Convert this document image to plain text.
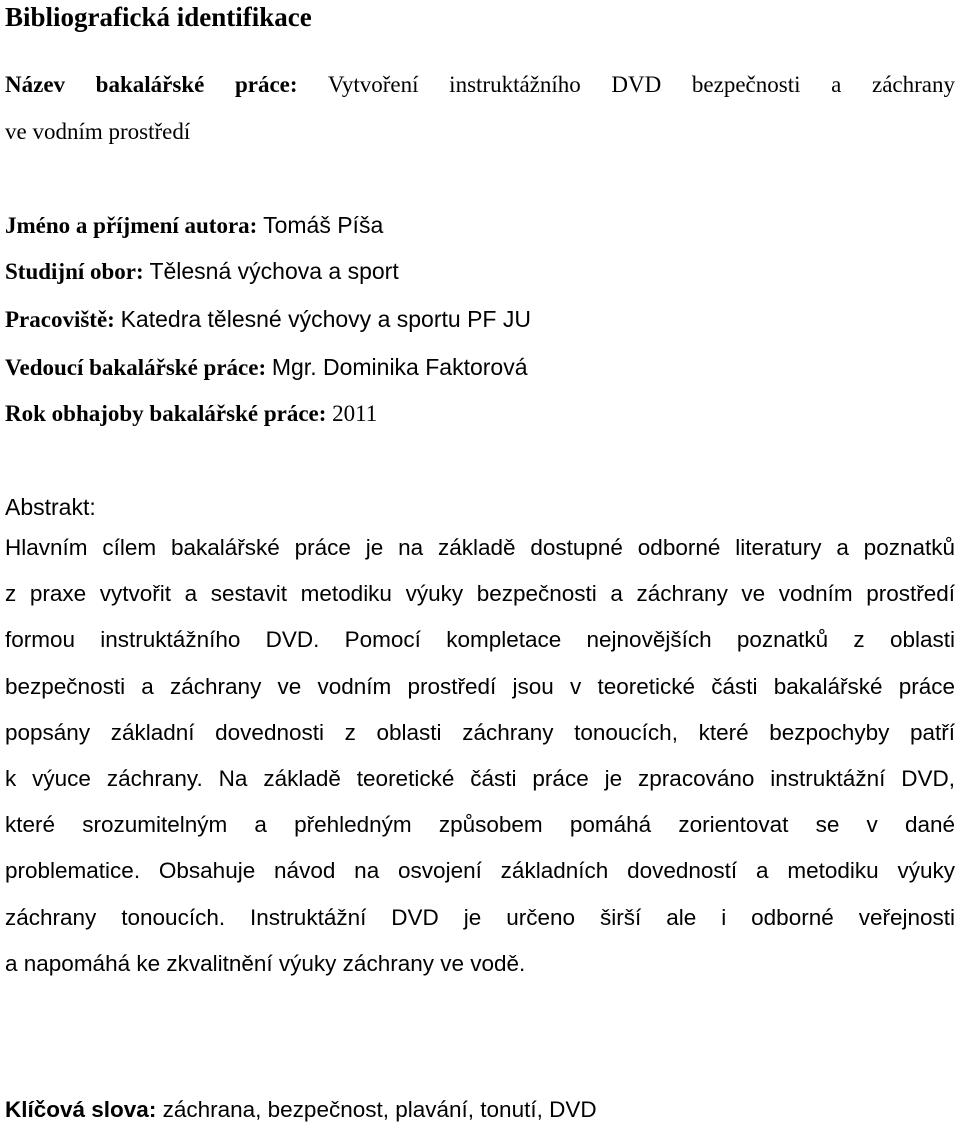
Bibliografická identifikace

Název bakalářské práce: Vytvoření instruktážního DVD bezpečnosti a záchrany

ve vodním prostředí

Jméno a příjmení autora: Tomáš Píša

Studijní obor: Tělesná výchova a sport

Pracoviště: Katedra tělesné výchovy a sportu PF JU

Vedoucí bakalářské práce: Mgr. Dominika Faktorová

Rok obhajoby bakalářské práce: 2011

Abstrakt:
Hlavním cílem bakalářské práce je na základě dostupné odborné literatury a poznatků
z praxe vytvořit a sestavit metodiku výuky bezpečnosti a záchrany ve vodním prostředí
formou instruktážního DVD. Pomocí kompletace nejnovějších poznatků z oblasti
bezpečnosti a záchrany ve vodním prostředí jsou v teoretické části bakalářské práce
popsány základní dovednosti z oblasti záchrany tonoucích, které bezpochyby patří
k výuce záchrany. Na základě teoretické části práce je zpracováno instruktážní DVD,
které srozumitelným a přehledným způsobem pomáhá zorientovat se v dané
problematice. Obsahuje návod na osvojení základních dovedností a metodiku výuky
záchrany tonoucích. Instruktážní DVD je určeno širší ale i odborné veřejnosti
a napomáhá ke zkvalitnění výuky záchrany ve vodě.

Klíčová slova: záchrana, bezpečnost, plavání, tonutí, DVD
